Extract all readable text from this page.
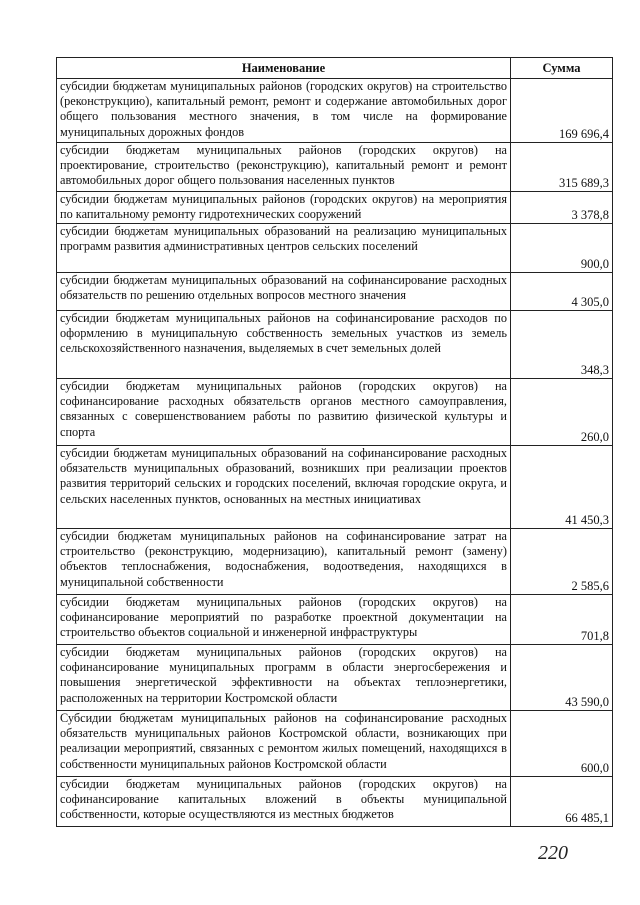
Наименование	Сумма
субсидии бюджетам муниципальных районов (городских округов) на строительство (реконструкцию), капитальный ремонт, ремонт и содержание автомобильных дорог общего пользования местного значения, в том числе на формирование муниципальных дорожных фондов	169 696,4
субсидии бюджетам муниципальных районов (городских округов) на проектирование, строительство (реконструкцию), капитальный ремонт и ремонт автомобильных дорог общего пользования населенных пунктов	315 689,3
субсидии бюджетам муниципальных районов (городских округов) на мероприятия по капитальному ремонту гидротехнических сооружений	3 378,8
субсидии бюджетам муниципальных образований на реализацию муниципальных программ развития административных центров сельских поселений	900,0
субсидии бюджетам муниципальных образований на софинансирование расходных обязательств по решению отдельных вопросов местного значения	4 305,0
субсидии бюджетам муниципальных районов на софинансирование расходов по оформлению в муниципальную собственность земельных участков из земель сельскохозяйственного назначения, выделяемых в счет земельных долей	348,3
субсидии бюджетам муниципальных районов (городских округов) на софинансирование расходных обязательств органов местного самоуправления, связанных с совершенствованием работы по развитию физической культуры и спорта	260,0
субсидии бюджетам муниципальных образований на софинансирование расходных обязательств муниципальных образований, возникших при реализации проектов развития территорий сельских и городских поселений, включая городские округа, и сельских населенных пунктов, основанных на местных инициативах	41 450,3
субсидии бюджетам муниципальных районов на софинансирование затрат на строительство (реконструкцию, модернизацию), капитальный ремонт (замену) объектов теплоснабжения, водоснабжения, водоотведения, находящихся в муниципальной собственности	2 585,6
субсидии бюджетам муниципальных районов (городских округов) на софинансирование мероприятий по разработке проектной документации на строительство объектов социальной и инженерной инфраструктуры	701,8
субсидии бюджетам муниципальных районов (городских округов) на софинансирование муниципальных программ в области энергосбережения и повышения энергетической эффективности на объектах теплоэнергетики, расположенных на территории Костромской области	43 590,0
Субсидии бюджетам муниципальных районов на софинансирование расходных обязательств муниципальных районов Костромской области, возникающих при реализации мероприятий, связанных с ремонтом жилых помещений, находящихся в собственности муниципальных районов Костромской области	600,0
субсидии бюджетам муниципальных районов (городских округов) на софинансирование капитальных вложений в объекты муниципальной собственности, которые осуществляются из местных бюджетов	66 485,1
220
